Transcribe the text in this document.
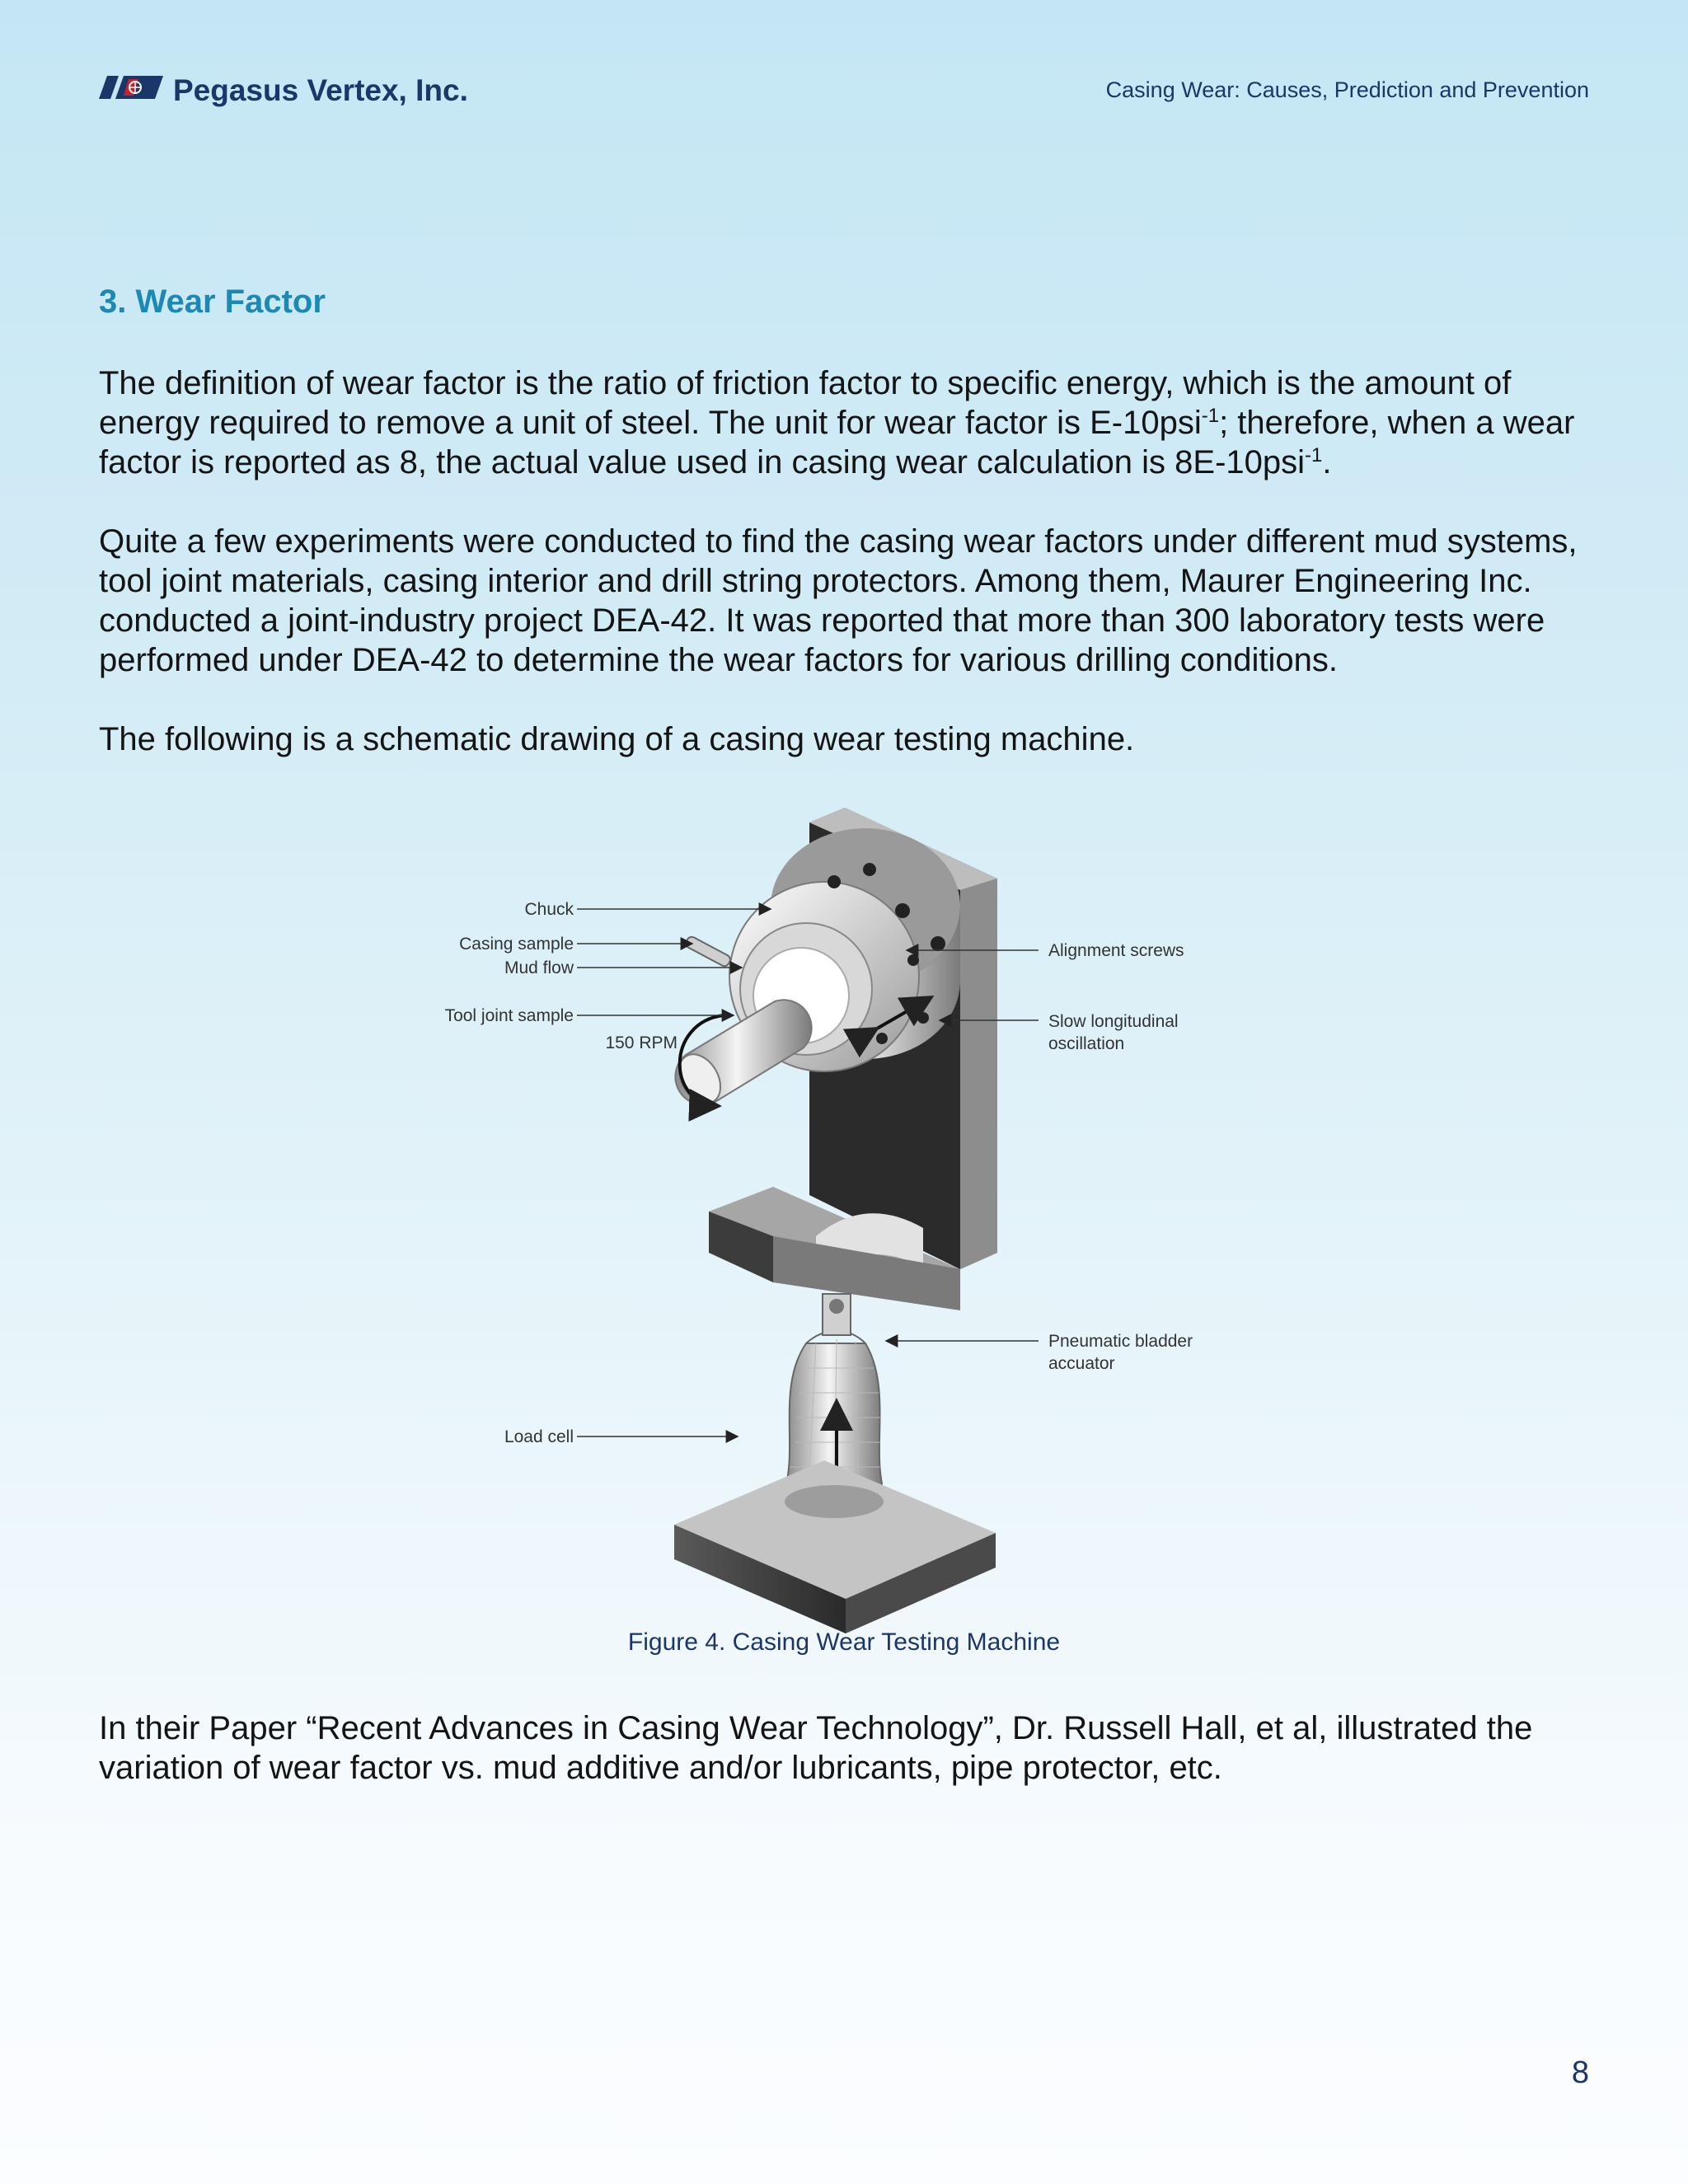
Pegasus Vertex, Inc.	Casing Wear: Causes, Prediction and Prevention
3. Wear Factor

The definition of wear factor is the ratio of friction factor to specific energy, which is the amount of energy required to remove a unit of steel. The unit for wear factor is E-10psi$^{-1}$; therefore, when a wear factor is reported as 8, the actual value used in casing wear calculation is 8E-10psi$^{-1}$.

Quite a few experiments were conducted to find the casing wear factors under different mud systems, tool joint materials, casing interior and drill string protectors. Among them, Maurer Engineering Inc. conducted a joint-industry project DEA-42. It was reported that more than 300 laboratory tests were performed under DEA-42 to determine the wear factors for various drilling conditions.

The following is a schematic drawing of a casing wear testing machine.

Chuck
Casing sample
Mud flow
Tool joint sample
150 RPM
Alignment screws
Slow longitudinal
oscillation
Pneumatic bladder
accuator
Load cell
Figure 4. Casing Wear Testing Machine

In their Paper “Recent Advances in Casing Wear Technology”, Dr. Russell Hall, et al, illustrated the variation of wear factor vs. mud additive and/or lubricants, pipe protector, etc.

8
